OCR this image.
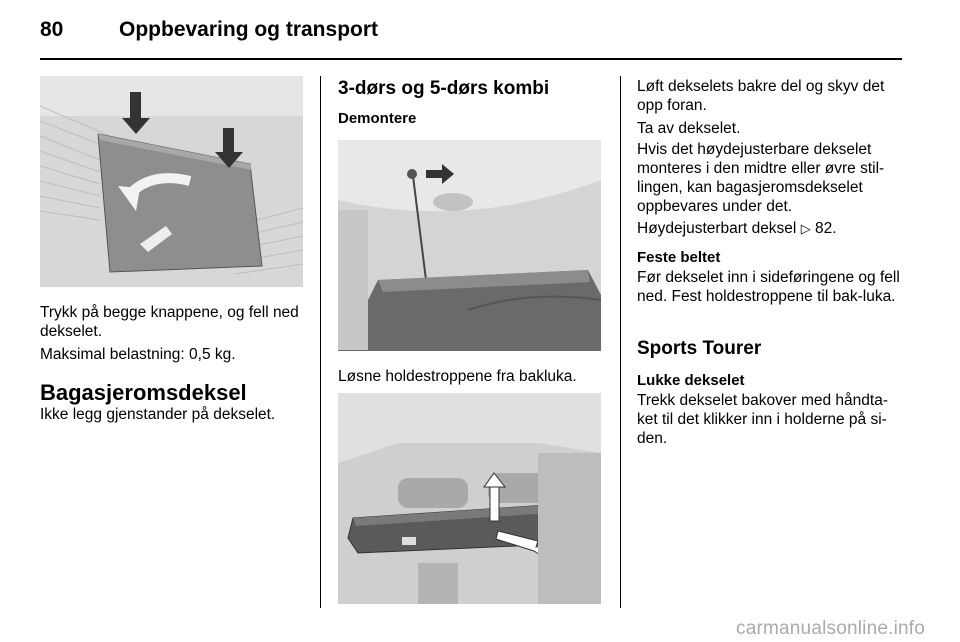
80	Oppbevaring og transport

Trykk på begge knappene, og fell ned dekselet.

Maksimal belastning: 0,5 kg.

Bagasjeromsdeksel

Ikke legg gjenstander på dekselet.

3-dørs og 5-dørs kombi
Demontere

Løsne holdestroppene fra bakluka.

Løft dekselets bakre del og skyv det opp foran.

Ta av dekselet.

Hvis det høydejusterbare dekselet monteres i den midtre eller øvre stil-lingen, kan bagasjeromsdekselet oppbevares under det.

Høydejusterbart deksel ▷ 82.

Feste beltet

Før dekselet inn i sideføringene og fell ned. Fest holdestroppene til bak-luka.

Sports Tourer
Lukke dekselet

Trekk dekselet bakover med håndta-ket til det klikker inn i holderne på si-den.

carmanualsonline.info
